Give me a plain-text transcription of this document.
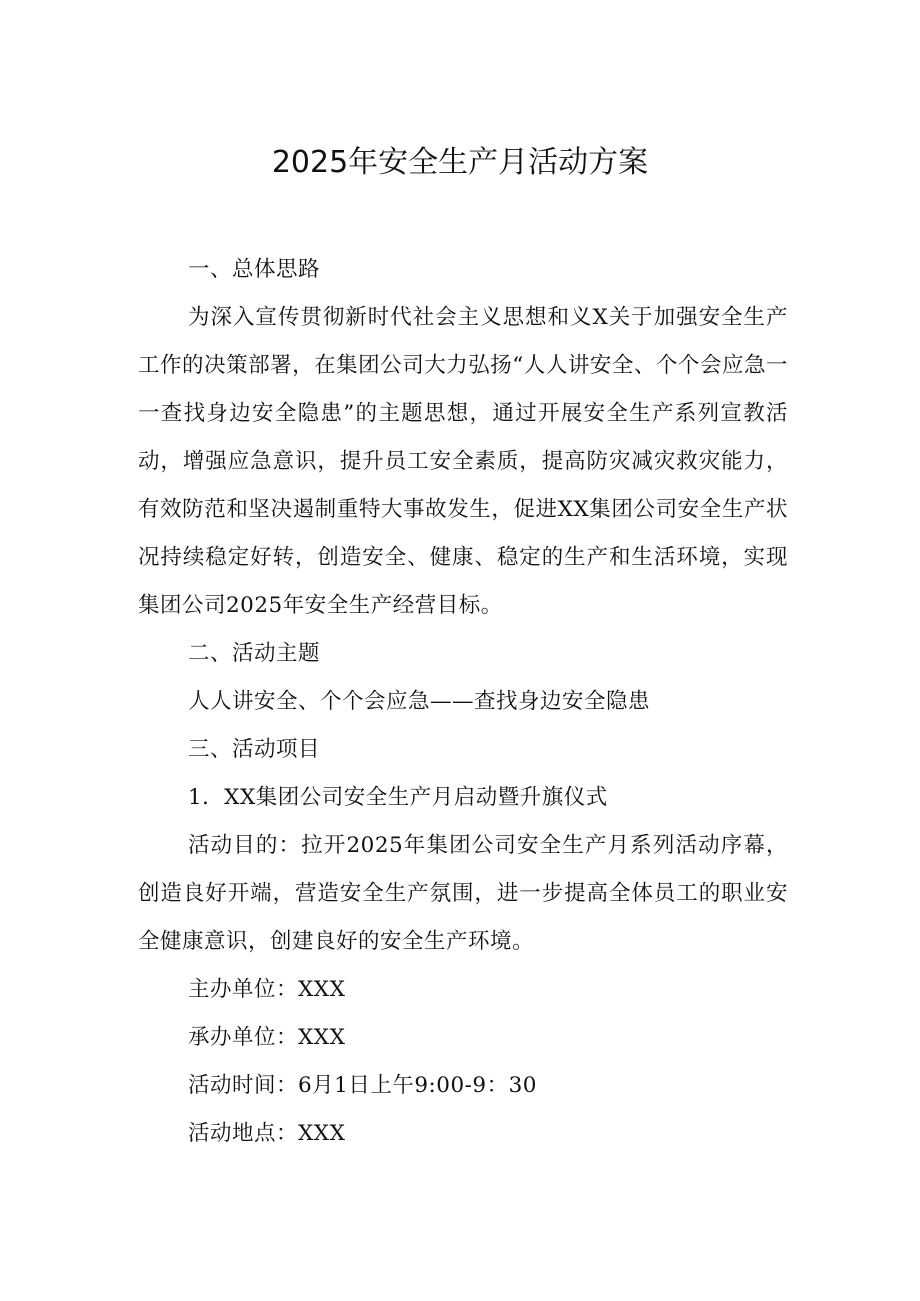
2025年安全生产月活动方案
一、总体思路

为深入宣传贯彻新时代社会主义思想和义X关于加强安全生产工作的决策部署，在集团公司大力弘扬“人人讲安全、个个会应急一一查找身边安全隐患”的主题思想，通过开展安全生产系列宣教活动，增强应急意识，提升员工安全素质，提高防灾减灾救灾能力，有效防范和坚决遏制重特大事故发生，促进XX集团公司安全生产状况持续稳定好转，创造安全、健康、稳定的生产和生活环境，实现集团公司2025年安全生产经营目标。

二、活动主题

人人讲安全、个个会应急——查找身边安全隐患

三、活动项目

1．XX集团公司安全生产月启动暨升旗仪式

活动目的：拉开2025年集团公司安全生产月系列活动序幕，创造良好开端，营造安全生产氛围，进一步提高全体员工的职业安全健康意识，创建良好的安全生产环境。

主办单位：XXX

承办单位：XXX

活动时间：6月1日上午9:00-9：30

活动地点：XXX
